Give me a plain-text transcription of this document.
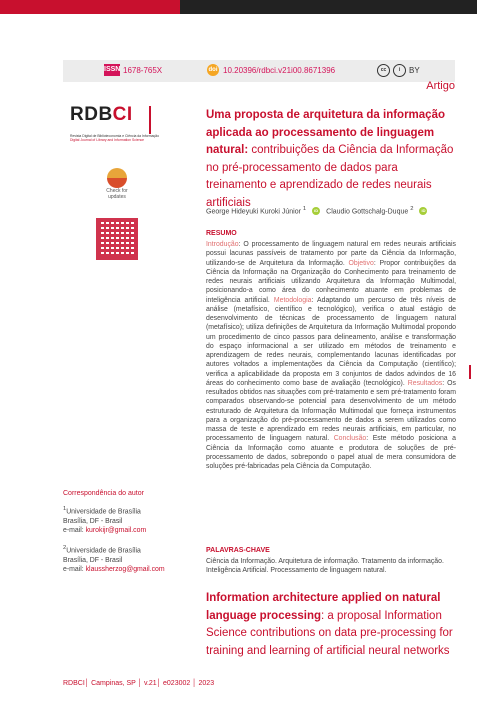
ISSN 1678-765X	doi 10.20396/rdbci.v21i00.8671396	cc	i	BY
Artigo
RDBCI
Revista Digital de Biblioteconomia e Ciência da Informação
Digital Journal of Library and Information Science
Check for
updates
Uma proposta de arquitetura da informação aplicada ao processamento de linguagem natural: contribuições da Ciência da Informação no pré-processamento de dados para treinamento e aprendizado de redes neurais artificiais
George Hideyuki Kuroki Júnior $^1$	iD Claudio Gottschalg-Duque $^2$	iD
RESUMO
Introdução: O processamento de linguagem natural em redes neurais artificiais possui lacunas passíveis de tratamento por parte da Ciência da Informação, utilizando-se de Arquitetura da Informação. Objetivo: Propor contribuições da Ciência da Informação na Organização do Conhecimento para treinamento de redes neurais artificiais utilizando Arquitetura da Informação Multimodal, posicionando-a como área do conhecimento atuante em problemas de inteligência artificial. Metodologia: Adaptando um percurso de três níveis de análise (metafísico, científico e tecnológico), verifica o atual estágio de desenvolvimento de técnicas de processamento de linguagem natural (metafísico); utiliza definições de Arquitetura da Informação Multimodal propondo um procedimento de cinco passos para delineamento, análise e transformação do espaço informacional a ser utilizado em métodos de treinamento e aprendizagem de redes neurais, complementando lacunas identificadas por autores voltados a implementações da Ciência da Computação (científico); verifica a aplicabilidade da proposta em 3 conjuntos de dados advindos de 16 áreas do conhecimento como base de avaliação (tecnológico). Resultados: Os resultados obtidos nas situações com pré-tratamento e sem pré-tratamento foram comparados observando-se potencial para desenvolvimento de um método estruturado de Arquitetura da Informação Multimodal que forneça instrumentos para a organização do pré-processamento de dados a serem utilizados como massa de teste e aprendizado em redes neurais artificiais, em particular, no processamento de linguagem natural. Conclusão: Este método posiciona a Ciência da Informação como atuante e produtora de soluções de pré-processamento de dados, sobrepondo o papel atual de mera consumidora de soluções pré-fabricadas pela Ciência da Computação.
PALAVRAS-CHAVE
Ciência da Informação. Arquitetura de informação. Tratamento da informação. Inteligência Artificial. Processamento de linguagem natural.
Correspondência do autor
$^1$Universidade de Brasília
Brasília, DF - Brasil
e-mail: kurokijr@gmail.com
$^2$Universidade de Brasília
Brasília, DF - Brasil
e-mail: klaussherzog@gmail.com
Information architecture applied on natural language processing: a proposal Information Science contributions on data pre-processing for training and learning of artificial neural networks
RDBCI│ Campinas, SP │ v.21│ e023002 │ 2023
